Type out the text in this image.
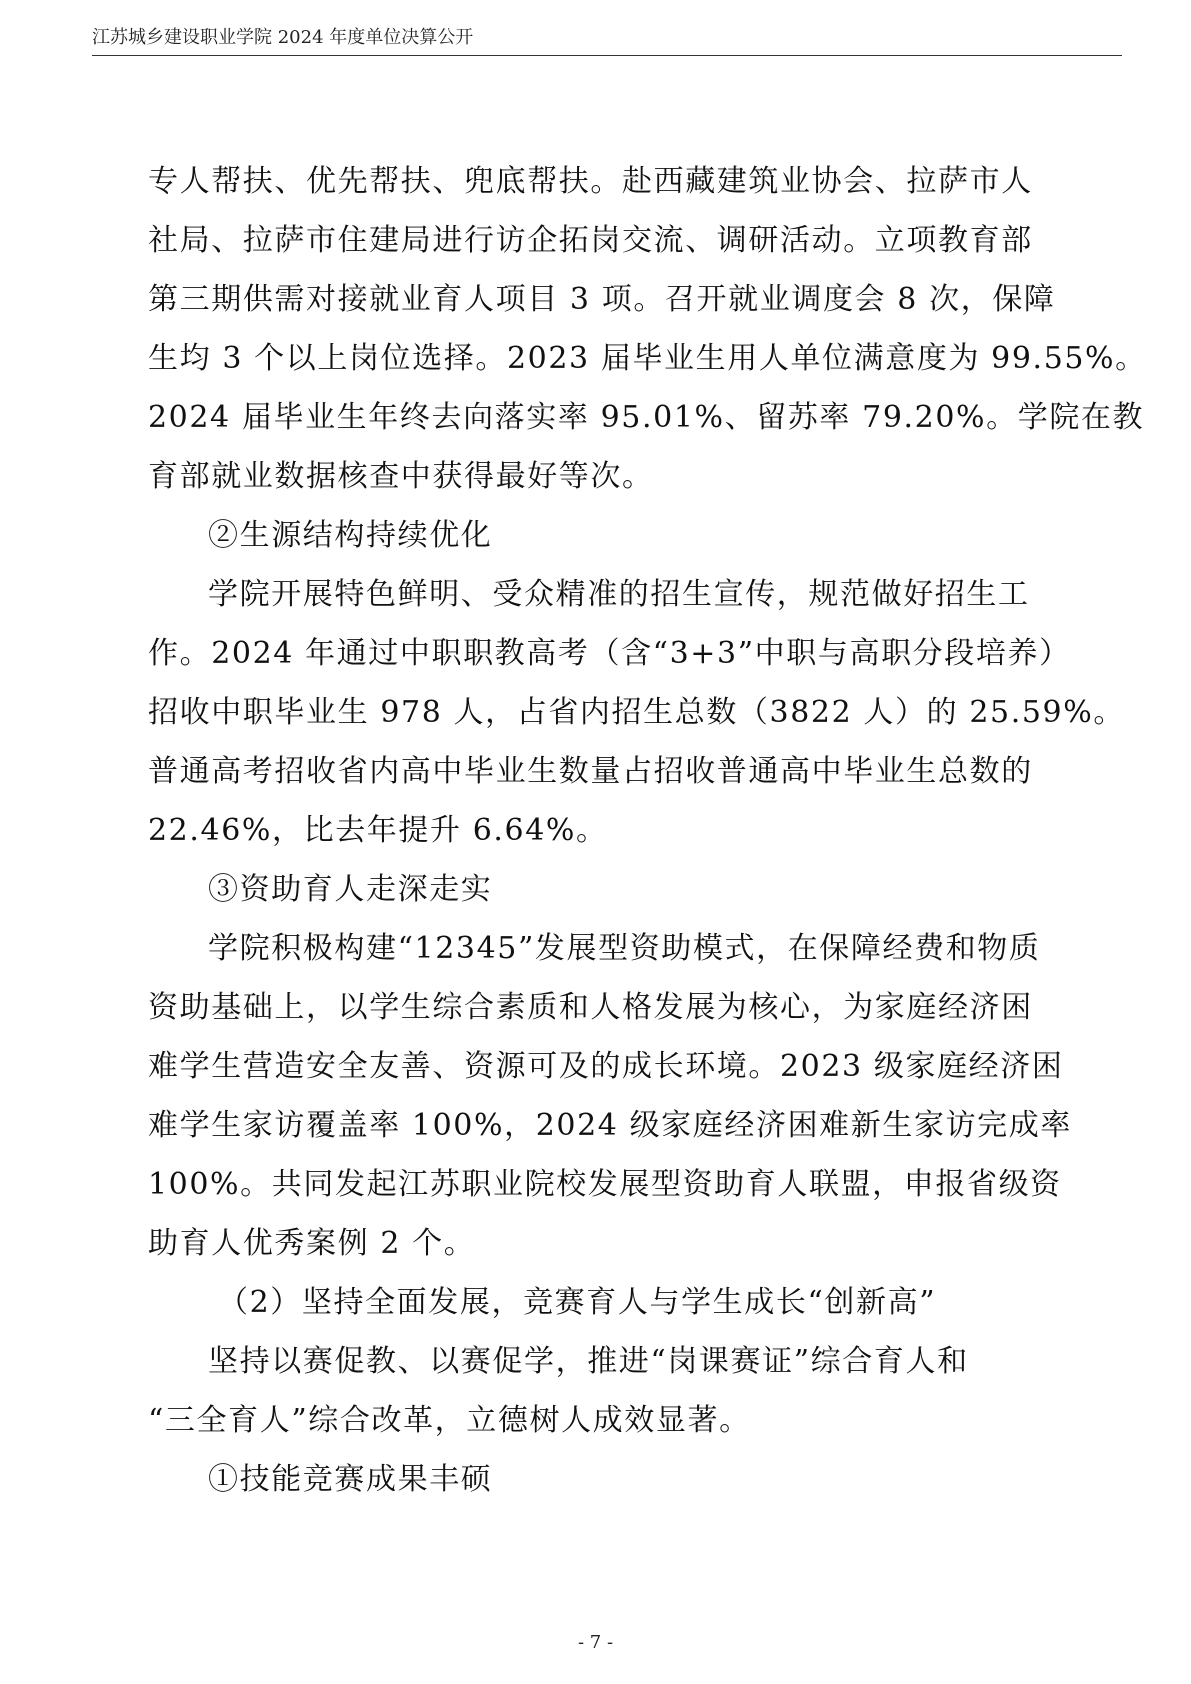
江苏城乡建设职业学院 2024 年度单位决算公开
专人帮扶、优先帮扶、兜底帮扶。赴西藏建筑业协会、拉萨市人
社局、拉萨市住建局进行访企拓岗交流、调研活动。立项教育部
第三期供需对接就业育人项目 3 项。召开就业调度会 8 次，保障
生均 3 个以上岗位选择。2023 届毕业生用人单位满意度为 99.55%。
2024 届毕业生年终去向落实率 95.01%、留苏率 79.20%。学院在教
育部就业数据核查中获得最好等次。
②生源结构持续优化
学院开展特色鲜明、受众精准的招生宣传，规范做好招生工
作。2024 年通过中职职教高考（含“3+3”中职与高职分段培养）
招收中职毕业生 978 人，占省内招生总数（3822 人）的 25.59%。
普通高考招收省内高中毕业生数量占招收普通高中毕业生总数的
22.46%，比去年提升 6.64%。
③资助育人走深走实
学院积极构建“12345”发展型资助模式，在保障经费和物质
资助基础上，以学生综合素质和人格发展为核心，为家庭经济困
难学生营造安全友善、资源可及的成长环境。2023 级家庭经济困
难学生家访覆盖率 100%，2024 级家庭经济困难新生家访完成率
100%。共同发起江苏职业院校发展型资助育人联盟，申报省级资
助育人优秀案例 2 个。
（2）坚持全面发展，竞赛育人与学生成长“创新高”
坚持以赛促教、以赛促学，推进“岗课赛证”综合育人和
“三全育人”综合改革，立德树人成效显著。
①技能竞赛成果丰硕
- 7 -
